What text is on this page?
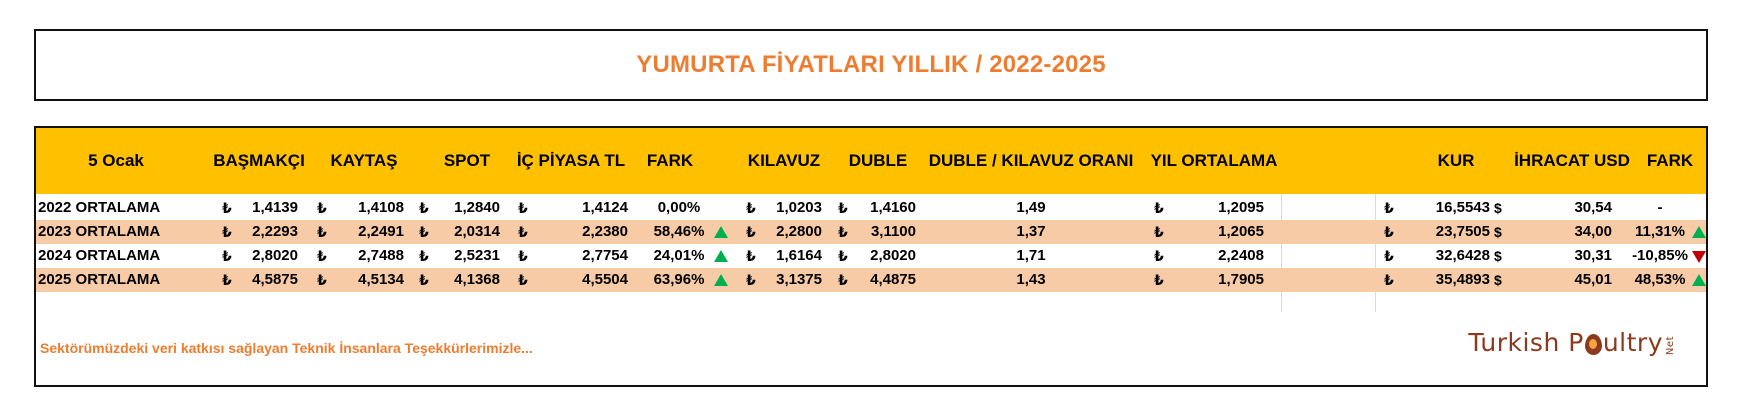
YUMURTA FİYATLARI YILLIK / 2022-2025
5 Ocak	BAŞMAKÇI	KAYTAŞ	SPOT	İÇ PİYASA TL	FARK	KILAVUZ	DUBLE	DUBLE / KILAVUZ ORANI	YIL ORTALAMA	KUR	İHRACAT USD FARK
2022 ORTALAMA	₺	1,4139 ₺	1,4108 ₺	1,2840 ₺	1,4124	0,00%	₺	1,0203 ₺	1,4160	1,49	₺	1,2095	₺	16,5543 $	30,54	-
2023 ORTALAMA	₺	2,2293 ₺	2,2491 ₺	2,0314 ₺	2,2380	58,46%	₺	2,2800 ₺	3,1100	1,37	₺	1,2065	₺	23,7505 $	34,00	11,31%
2024 ORTALAMA	₺	2,8020 ₺	2,7488 ₺	2,5231 ₺	2,7754	24,01%	₺	1,6164 ₺	2,8020	1,71	₺	2,2408	₺	32,6428 $	30,31	-10,85%
2025 ORTALAMA	₺	4,5875 ₺	4,5134 ₺	4,1368 ₺	4,5504	63,96%	₺	3,1375 ₺	4,4875	1,43	₺	1,7905	₺	35,4893 $	45,01	48,53%
Sektörümüzdeki veri katkısı sağlayan Teknik İnsanlara Teşekkürlerimizle...	Turkish P ultry Net
